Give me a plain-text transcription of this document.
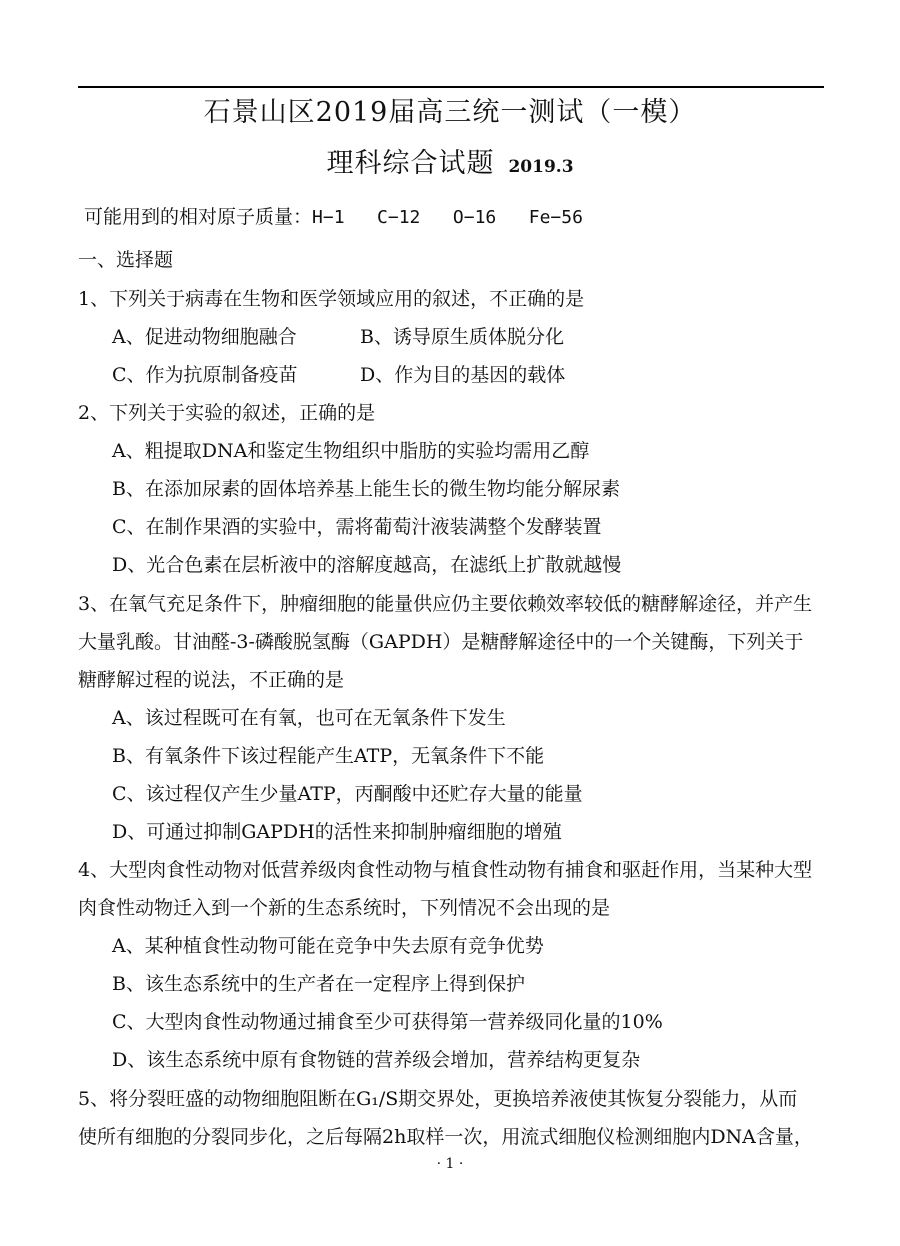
石景山区2019届高三统一测试（一模）
理科综合试题 2019.3
可能用到的相对原子质量：H−1   C−12   O−16   Fe−56
一、选择题
1、下列关于病毒在生物和医学领域应用的叙述，不正确的是
A、促进动物细胞融合	B、诱导原生质体脱分化
C、作为抗原制备疫苗	D、作为目的基因的载体
2、下列关于实验的叙述，正确的是
A、粗提取DNA和鉴定生物组织中脂肪的实验均需用乙醇
B、在添加尿素的固体培养基上能生长的微生物均能分解尿素
C、在制作果酒的实验中，需将葡萄汁液装满整个发酵装置
D、光合色素在层析液中的溶解度越高，在滤纸上扩散就越慢
3、在氧气充足条件下，肿瘤细胞的能量供应仍主要依赖效率较低的糖酵解途径，并产生
大量乳酸。甘油醛-3-磷酸脱氢酶（GAPDH）是糖酵解途径中的一个关键酶，下列关于
糖酵解过程的说法，不正确的是
A、该过程既可在有氧，也可在无氧条件下发生
B、有氧条件下该过程能产生ATP，无氧条件下不能
C、该过程仅产生少量ATP，丙酮酸中还贮存大量的能量
D、可通过抑制GAPDH的活性来抑制肿瘤细胞的增殖
4、大型肉食性动物对低营养级肉食性动物与植食性动物有捕食和驱赶作用，当某种大型
肉食性动物迁入到一个新的生态系统时，下列情况不会出现的是
A、某种植食性动物可能在竞争中失去原有竞争优势
B、该生态系统中的生产者在一定程序上得到保护
C、大型肉食性动物通过捕食至少可获得第一营养级同化量的10%
D、该生态系统中原有食物链的营养级会增加，营养结构更复杂
5、将分裂旺盛的动物细胞阻断在G₁/S期交界处，更换培养液使其恢复分裂能力，从而
使所有细胞的分裂同步化，之后每隔2h取样一次，用流式细胞仪检测细胞内DNA含量，
· 1 ·
